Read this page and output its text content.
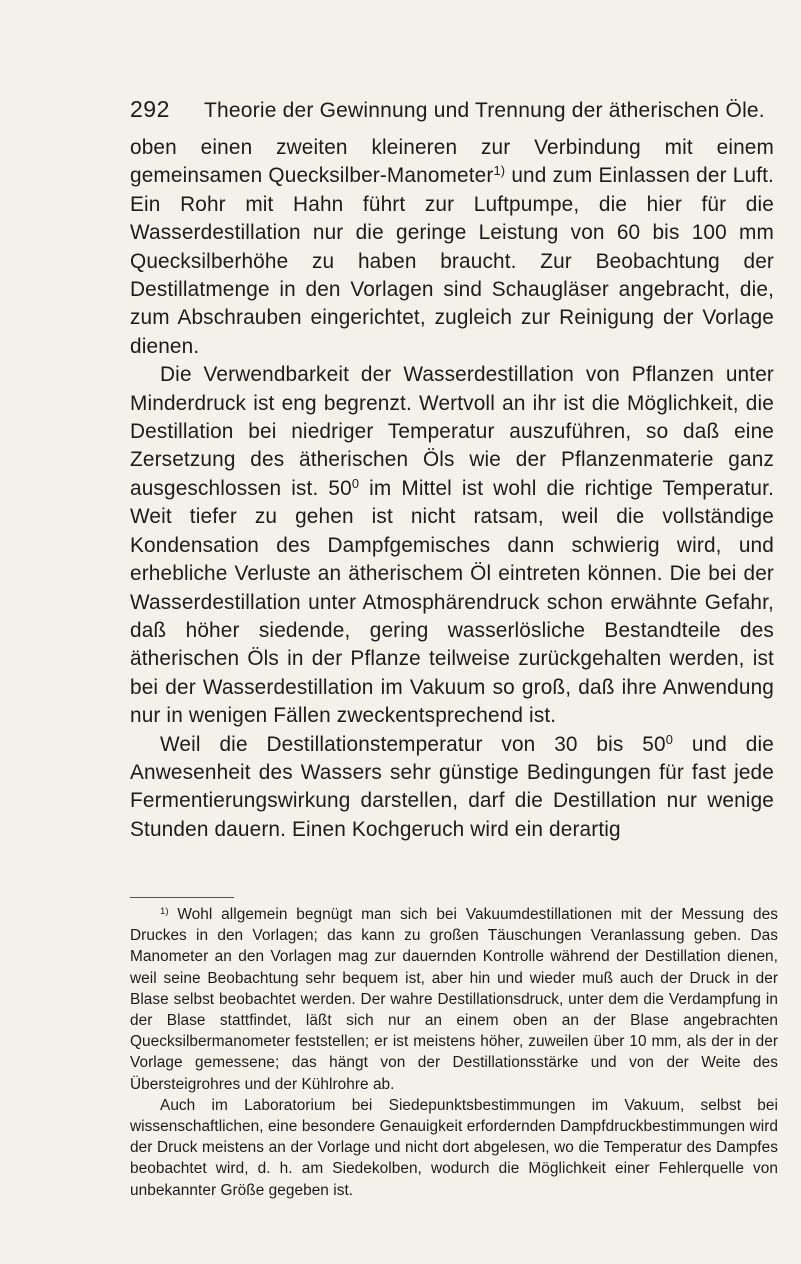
292	Theorie der Gewinnung und Trennung der ätherischen Öle.

oben einen zweiten kleineren zur Verbindung mit einem gemeinsamen Quecksilber-Manometer$^{1)}$ und zum Einlassen der Luft. Ein Rohr mit Hahn führt zur Luftpumpe, die hier für die Wasserdestillation nur die geringe Leistung von 60 bis 100 mm Quecksilberhöhe zu haben braucht. Zur Beobachtung der Destillatmenge in den Vorlagen sind Schaugläser angebracht, die, zum Abschrauben eingerichtet, zugleich zur Reinigung der Vorlage dienen.

Die Verwendbarkeit der Wasserdestillation von Pflanzen unter Minderdruck ist eng begrenzt. Wertvoll an ihr ist die Möglichkeit, die Destillation bei niedriger Temperatur auszuführen, so daß eine Zersetzung des ätherischen Öls wie der Pflanzenmaterie ganz ausgeschlossen ist. $50^0$ im Mittel ist wohl die richtige Temperatur. Weit tiefer zu gehen ist nicht ratsam, weil die vollständige Kondensation des Dampfgemisches dann schwierig wird, und erhebliche Verluste an ätherischem Öl eintreten können. Die bei der Wasserdestillation unter Atmosphärendruck schon erwähnte Gefahr, daß höher siedende, gering wasserlösliche Bestandteile des ätherischen Öls in der Pflanze teilweise zurückgehalten werden, ist bei der Wasserdestillation im Vakuum so groß, daß ihre Anwendung nur in wenigen Fällen zweckentsprechend ist.

Weil die Destillationstemperatur von 30 bis $50^0$ und die Anwesenheit des Wassers sehr günstige Bedingungen für fast jede Fermentierungswirkung darstellen, darf die Destillation nur wenige Stunden dauern. Einen Kochgeruch wird ein derartig

$^{1)}$ Wohl allgemein begnügt man sich bei Vakuumdestillationen mit der Messung des Druckes in den Vorlagen; das kann zu großen Täuschungen Veranlassung geben. Das Manometer an den Vorlagen mag zur dauernden Kontrolle während der Destillation dienen, weil seine Beobachtung sehr bequem ist, aber hin und wieder muß auch der Druck in der Blase selbst beobachtet werden. Der wahre Destillationsdruck, unter dem die Verdampfung in der Blase stattfindet, läßt sich nur an einem oben an der Blase angebrachten Quecksilbermanometer feststellen; er ist meistens höher, zuweilen über 10 mm, als der in der Vorlage gemessene; das hängt von der Destillationsstärke und von der Weite des Übersteigrohres und der Kühlrohre ab.

Auch im Laboratorium bei Siedepunktsbestimmungen im Vakuum, selbst bei wissenschaftlichen, eine besondere Genauigkeit erfordernden Dampfdruckbestimmungen wird der Druck meistens an der Vorlage und nicht dort abgelesen, wo die Temperatur des Dampfes beobachtet wird, d. h. am Siedekolben, wodurch die Möglichkeit einer Fehlerquelle von unbekannter Größe gegeben ist.
